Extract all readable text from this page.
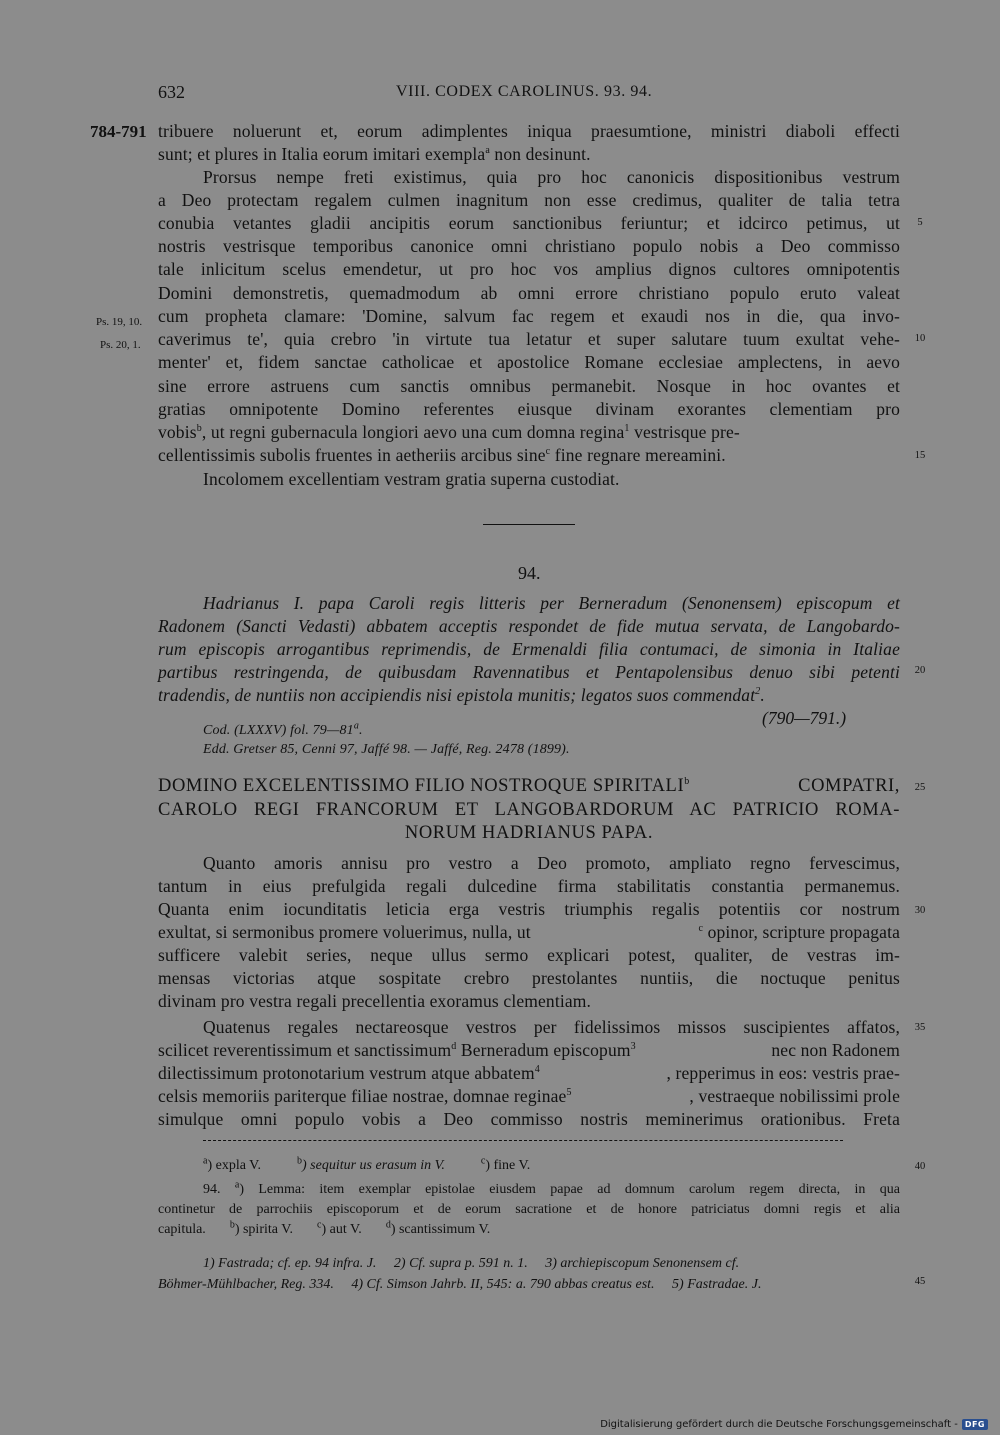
632	VIII. CODEX CAROLINUS. 93. 94.
784-791
Ps. 19, 10.
Ps. 20, 1.
tribuere noluerunt et, eorum adimplentes iniqua praesumtione, ministri diaboli effecti
sunt; et plures in Italia eorum imitari exempla$^a$ non desinunt.
Prorsus nempe freti existimus, quia pro hoc canonicis dispositionibus vestrum
a Deo protectam regalem culmen inagnitum non esse credimus, qualiter de talia tetra
conubia vetantes gladii ancipitis eorum sanctionibus feriuntur; et idcirco petimus, ut
nostris vestrisque temporibus canonice omni christiano populo nobis a Deo commisso
tale inlicitum scelus emendetur, ut pro hoc vos amplius dignos cultores omnipotentis
Domini demonstretis, quemadmodum ab omni errore christiano populo eruto valeat
cum propheta clamare: 'Domine, salvum fac regem et exaudi nos in die, qua invo-
caverimus te', quia crebro 'in virtute tua letatur et super salutare tuum exultat vehe-
menter' et, fidem sanctae catholicae et apostolice Romane ecclesiae amplectens, in aevo
sine errore astruens cum sanctis omnibus permanebit. Nosque in hoc ovantes et
gratias omnipotente Domino referentes eiusque divinam exorantes clementiam pro
vobis$^b$, ut regni gubernacula longiori aevo una cum domna regina$^1$ vestrisque pre-
cellentissimis subolis fruentes in aetheriis arcibus sine$^c$ fine regnare mereamini.
Incolomem excellentiam vestram gratia superna custodiat.
5
10
15
20
25
30
35
40
45
94.
Hadrianus I. papa Caroli regis litteris per Berneradum (Senonensem) episcopum et
Radonem (Sancti Vedasti) abbatem acceptis respondet de fide mutua servata, de Langobardo-
rum episcopis arrogantibus reprimendis, de Ermenaldi filia contumaci, de simonia in Italiae
partibus restringenda, de quibusdam Ravennatibus et Pentapolensibus denuo sibi petenti
tradendis, de nuntiis non accipiendis nisi epistola munitis; legatos suos commendat$^2$.
(790—791.)
Cod. (LXXXV) fol. 79—81$^a$.
Edd. Gretser 85, Cenni 97, Jaffé 98. — Jaffé, Reg. 2478 (1899).
DOMINO EXCELENTISSIMO FILIO NOSTROQUE SPIRITALI$^b$	COMPATRI,
CAROLO REGI FRANCORUM ET LANGOBARDORUM AC PATRICIO ROMA-
NORUM HADRIANUS PAPA.
Quanto amoris annisu pro vestro a Deo promoto, ampliato regno fervescimus,
tantum in eius prefulgida regali dulcedine firma stabilitatis constantia permanemus.
Quanta enim iocunditatis leticia erga vestris triumphis regalis potentiis cor nostrum
exultat, si sermonibus promere voluerimus, nulla, ut	$^c$ opinor, scripture propagata
sufficere valebit series, neque ullus sermo explicari potest, qualiter, de vestras im-
mensas victorias atque sospitate crebro prestolantes nuntiis, die noctuque penitus
divinam pro vestra regali precellentia exoramus clementiam.
Quatenus regales nectareosque vestros per fidelissimos missos suscipientes affatos,
scilicet reverentissimum et sanctissimum$^d$ Berneradum episcopum$^3$	nec non Radonem
dilectissimum protonotarium vestrum atque abbatem$^4$	, repperimus in eos: vestris prae-
celsis memoriis pariterque filiae nostrae, domnae reginae$^5$	, vestraeque nobilissimi prole
simulque omni populo vobis a Deo commisso nostris meminerimus orationibus. Freta
$^a$) expla V.	$^b$) sequitur us erasum in V.	$^c$) fine V.
94. $^a$) Lemma: item exemplar epistolae eiusdem papae ad domnum carolum regem directa, in qua
continetur de parrochiis episcoporum et de eorum sacratione et de honore patriciatus domni regis et alia
capitula. $^b$) spirita V. $^c$) aut V. $^d$) scantissimum V.
1) Fastrada; cf. ep. 94 infra. J.     2) Cf. supra p. 591 n. 1.     3) archiepiscopum Senonensem cf.
Böhmer-Mühlbacher, Reg. 334.     4) Cf. Simson Jahrb. II, 545: a. 790 abbas creatus est.     5) Fastradae. J.
Digitalisierung gefördert durch die Deutsche Forschungsgemeinschaft - DFG
